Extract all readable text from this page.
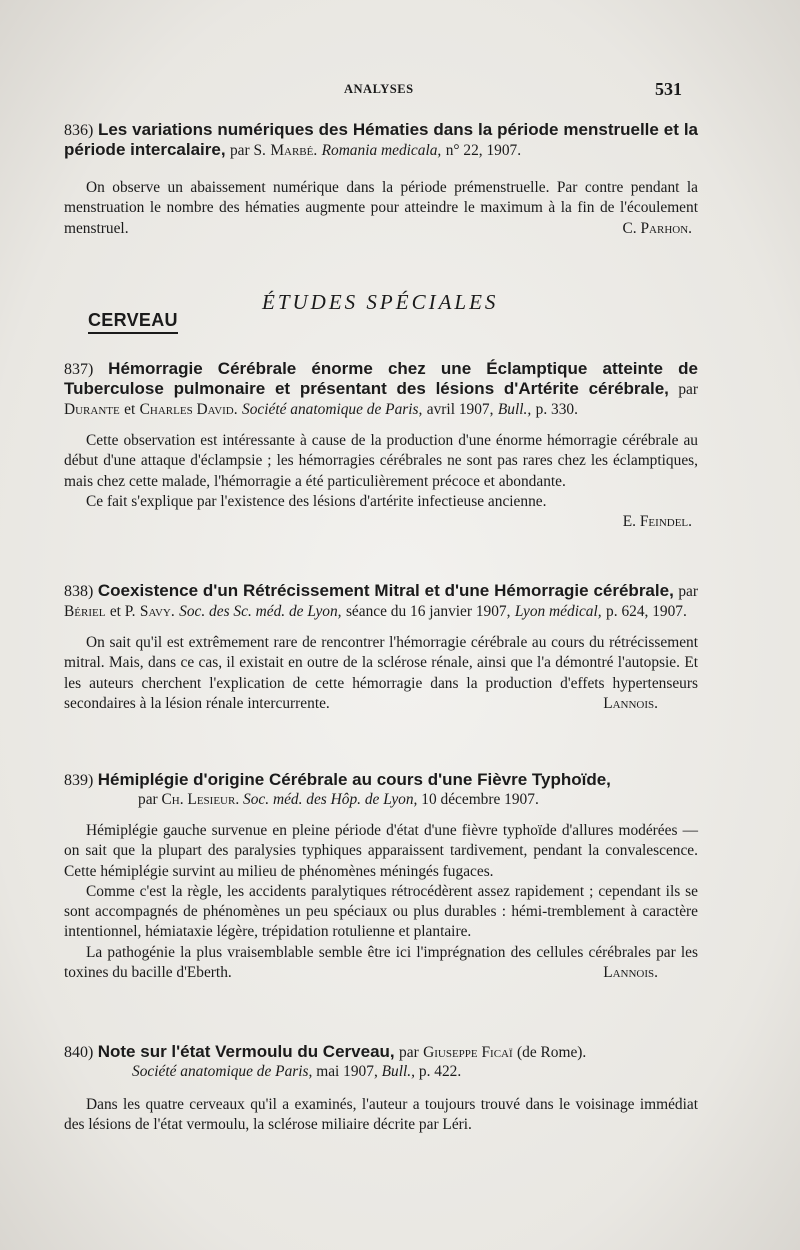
ANALYSES	531

836) Les variations numériques des Hématies dans la période menstruelle et la période intercalaire, par S. Marbé. Romania medicala, n° 22, 1907.

On observe un abaissement numérique dans la période prémenstruelle. Par contre pendant la menstruation le nombre des hématies augmente pour atteindre le maximum à la fin de l'écoulement menstruel.	C. Parhon.

ÉTUDES SPÉCIALES
CERVEAU

837) Hémorragie Cérébrale énorme chez une Éclamptique atteinte de Tuberculose pulmonaire et présentant des lésions d'Artérite cérébrale, par Durante et Charles David. Société anatomique de Paris, avril 1907, Bull., p. 330.

Cette observation est intéressante à cause de la production d'une énorme hémorragie cérébrale au début d'une attaque d'éclampsie ; les hémorragies cérébrales ne sont pas rares chez les éclamptiques, mais chez cette malade, l'hémorragie a été particulièrement précoce et abondante.

Ce fait s'explique par l'existence des lésions d'artérite infectieuse ancienne.

E. Feindel.

838) Coexistence d'un Rétrécissement Mitral et d'une Hémorragie cérébrale, par Bériel et P. Savy. Soc. des Sc. méd. de Lyon, séance du 16 janvier 1907, Lyon médical, p. 624, 1907.

On sait qu'il est extrêmement rare de rencontrer l'hémorragie cérébrale au cours du rétrécissement mitral. Mais, dans ce cas, il existait en outre de la sclérose rénale, ainsi que l'a démontré l'autopsie. Et les auteurs cherchent l'explication de cette hémorragie dans la production d'effets hypertenseurs secondaires à la lésion rénale intercurrente.	Lannois.

839) Hémiplégie d'origine Cérébrale au cours d'une Fièvre Typhoïde,

par Ch. Lesieur. Soc. méd. des Hôp. de Lyon, 10 décembre 1907.

Hémiplégie gauche survenue en pleine période d'état d'une fièvre typhoïde d'allures modérées — on sait que la plupart des paralysies typhiques apparaissent tardivement, pendant la convalescence. Cette hémiplégie survint au milieu de phénomènes méningés fugaces.

Comme c'est la règle, les accidents paralytiques rétrocédèrent assez rapidement ; cependant ils se sont accompagnés de phénomènes un peu spéciaux ou plus durables : hémi-tremblement à caractère intentionnel, hémiataxie légère, trépidation rotulienne et plantaire.

La pathogénie la plus vraisemblable semble être ici l'imprégnation des cellules cérébrales par les toxines du bacille d'Eberth.	Lannois.

840) Note sur l'état Vermoulu du Cerveau, par Giuseppe Ficaï (de Rome).

Société anatomique de Paris, mai 1907, Bull., p. 422.

Dans les quatre cerveaux qu'il a examinés, l'auteur a toujours trouvé dans le voisinage immédiat des lésions de l'état vermoulu, la sclérose miliaire décrite par Léri.
